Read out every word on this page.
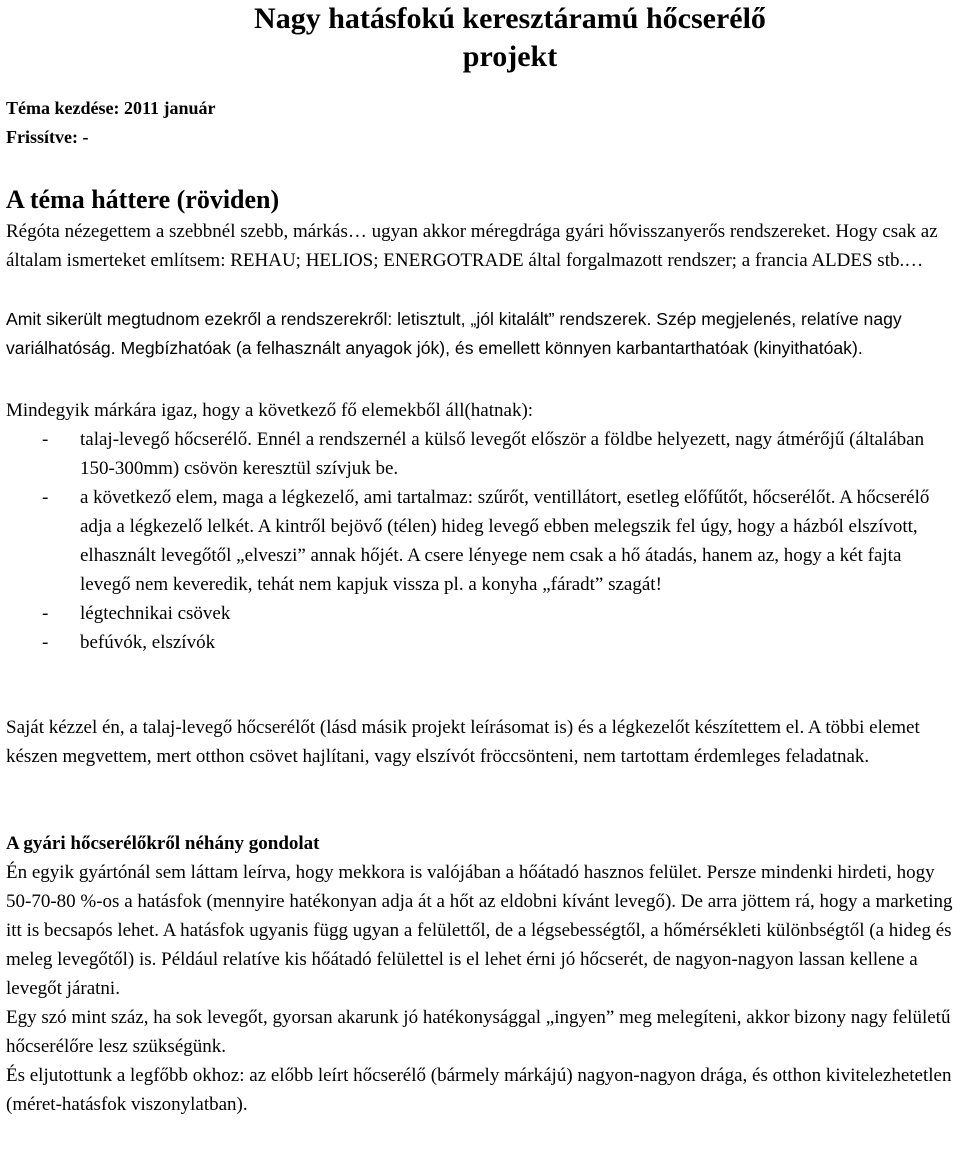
Nagy hatásfokú keresztáramú hőcserélő
projekt
Téma kezdése: 2011 január
Frissítve: -
A téma háttere (röviden)

Régóta nézegettem a szebbnél szebb, márkás… ugyan akkor méregdrága gyári hővisszanyerős rendszereket. Hogy csak az általam ismerteket említsem: REHAU; HELIOS; ENERGOTRADE által forgalmazott rendszer; a francia ALDES stb.…

Amit sikerült megtudnom ezekről a rendszerekről: letisztult, „jól kitalált” rendszerek. Szép megjelenés, relatíve nagy variálhatóság. Megbízhatóak (a felhasznált anyagok jók), és emellett könnyen karbantarthatóak (kinyithatóak).

Mindegyik márkára igaz, hogy a következő fő elemekből áll(hatnak):

- talaj-levegő hőcserélő. Ennél a rendszernél a külső levegőt először a földbe helyezett, nagy átmérőjű (általában 150-300mm) csövön keresztül szívjuk be.
- a következő elem, maga a légkezelő, ami tartalmaz: szűrőt, ventillátort, esetleg előfűtőt, hőcserélőt. A hőcserélő adja a légkezelő lelkét. A kintről bejövő (télen) hideg levegő ebben melegszik fel úgy, hogy a házból elszívott, elhasznált levegőtől „elveszi” annak hőjét. A csere lényege nem csak a hő átadás, hanem az, hogy a két fajta levegő nem keveredik, tehát nem kapjuk vissza pl. a konyha „fáradt” szagát!
- légtechnikai csövek
- befúvók, elszívók

Saját kézzel én, a talaj-levegő hőcserélőt (lásd másik projekt leírásomat is) és a légkezelőt készítettem el. A többi elemet készen megvettem, mert otthon csövet hajlítani, vagy elszívót fröccsönteni, nem tartottam érdemleges feladatnak.

A gyári hőcserélőkről néhány gondolat

Én egyik gyártónál sem láttam leírva, hogy mekkora is valójában a hőátadó hasznos felület. Persze mindenki hirdeti, hogy 50-70-80 %-os a hatásfok (mennyire hatékonyan adja át a hőt az eldobni kívánt levegő). De arra jöttem rá, hogy a marketing itt is becsapós lehet. A hatásfok ugyanis függ ugyan a felülettől, de a légsebességtől, a hőmérsékleti különbségtől (a hideg és meleg levegőtől) is. Például relatíve kis hőátadó felülettel is el lehet érni jó hőcserét, de nagyon-nagyon lassan kellene a levegőt járatni.

Egy szó mint száz, ha sok levegőt, gyorsan akarunk jó hatékonysággal „ingyen” meg melegíteni, akkor bizony nagy felületű hőcserélőre lesz szükségünk.

És eljutottunk a legfőbb okhoz: az előbb leírt hőcserélő (bármely márkájú) nagyon-nagyon drága, és otthon kivitelezhetetlen (méret-hatásfok viszonylatban).
